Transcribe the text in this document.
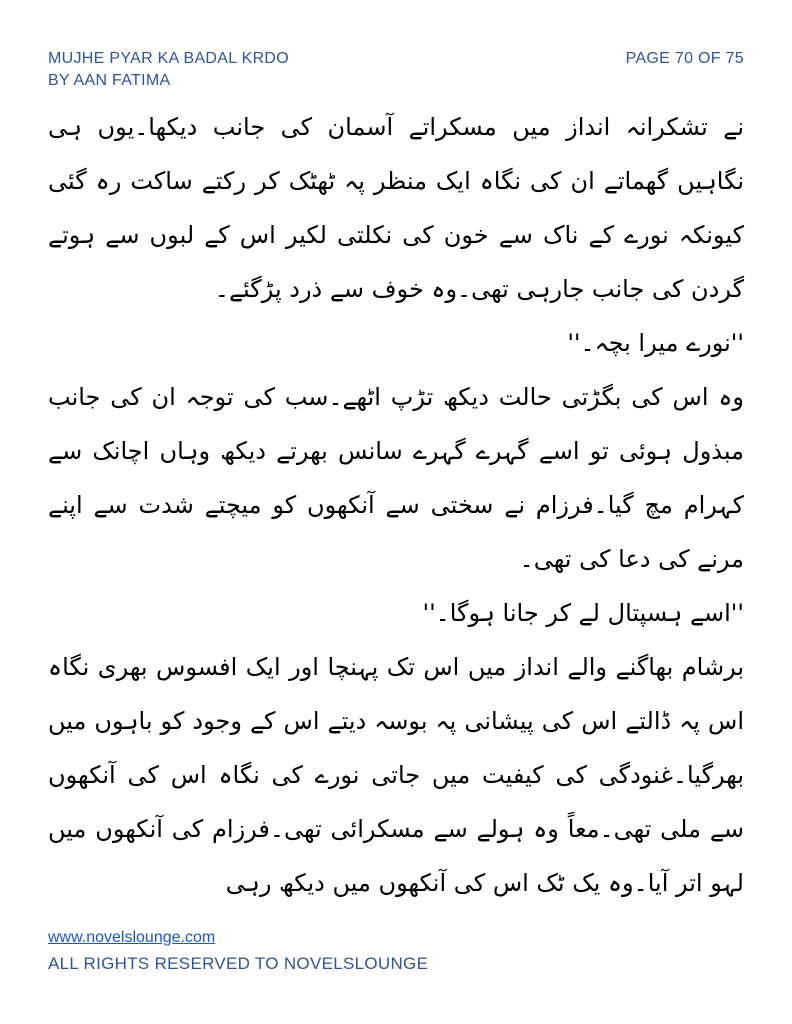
MUJHE PYAR KA BADAL KRDO
BY AAN FATIMA
PAGE 70 OF 75

نے تشکرانہ انداز میں مسکراتے آسمان کی جانب دیکھا۔یوں ہی نگاہیں گھماتے ان کی نگاہ ایک منظر پہ ٹھٹک کر رکتے ساکت رہ گئی کیونکہ نورے کے ناک سے خون کی نکلتی لکیر اس کے لبوں سے ہوتے گردن کی جانب جارہی تھی۔وہ خوف سے ذرد پڑگئے۔

''نورے میرا بچہ۔''

وہ اس کی بگڑتی حالت دیکھ تڑپ اٹھے۔سب کی توجہ ان کی جانب مبذول ہوئی تو اسے گہرے گہرے سانس بھرتے دیکھ وہاں اچانک سے کہرام مچ گیا۔فرزام نے سختی سے آنکھوں کو میچتے شدت سے اپنے مرنے کی دعا کی تھی۔

''اسے ہسپتال لے کر جانا ہوگا۔''

برشام بھاگنے والے انداز میں اس تک پہنچا اور ایک افسوس بھری نگاہ اس پہ ڈالتے اس کی پیشانی پہ بوسہ دیتے اس کے وجود کو باہوں میں بھرگیا۔غنودگی کی کیفیت میں جاتی نورے کی نگاہ اس کی آنکھوں سے ملی تھی۔معاً وہ ہولے سے مسکرائی تھی۔فرزام کی آنکھوں میں لہو اتر آیا۔وہ یک ٹک اس کی آنکھوں میں دیکھ رہی

www.novelslounge.com
ALL RIGHTS RESERVED TO NOVELSLOUNGE
